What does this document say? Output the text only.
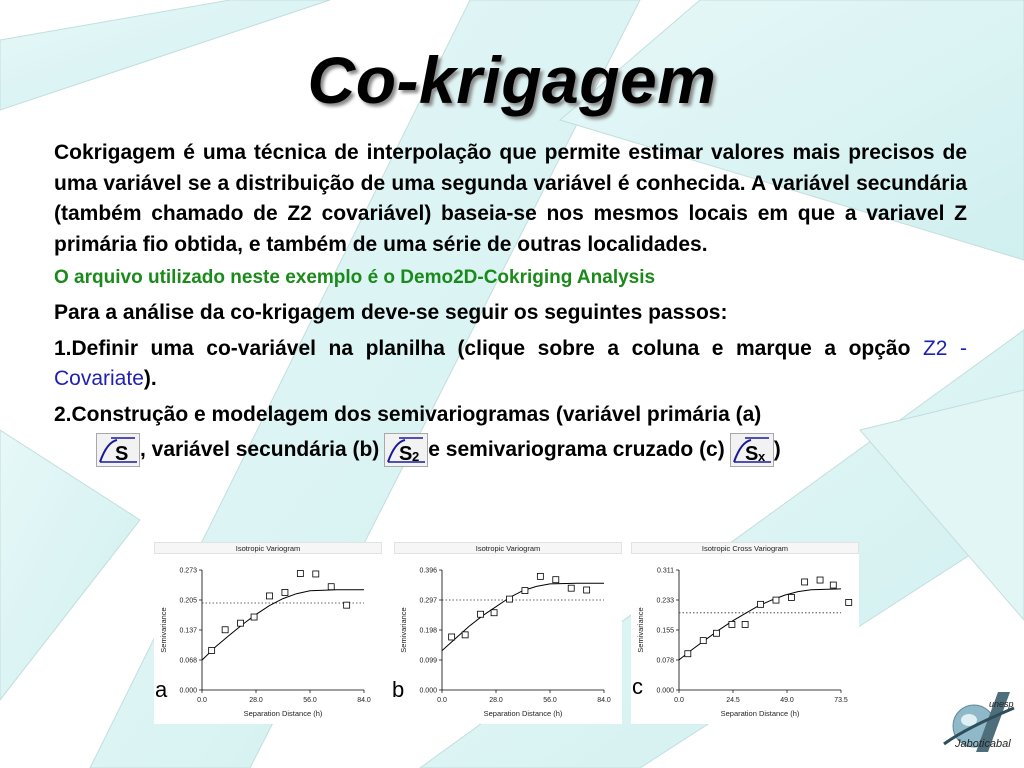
Co-krigagem

Cokrigagem é uma técnica de interpolação que permite estimar valores mais precisos de uma variável se a distribuição de uma segunda variável é conhecida. A variável secundária (também chamado de Z2 covariável) baseia-se nos mesmos locais em que a variavel Z primária fio obtida, e também de uma série de outras localidades.

O arquivo utilizado neste exemplo é o Demo2D-Cokriging Analysis

Para a análise da co-krigagem deve-se seguir os seguintes passos:

1.Definir uma co-variável na planilha (clique sobre a coluna e marque a opção Z2 - Covariate).

2.Construção e modelagem dos semivariogramas (variável primária (a)

S , variável secundária (b) S 2 e semivariograma cruzado (c) S x )
Isotropic Variogram
0.000
0.068
0.137
0.205
0.273
0.0	28.0	56.0	84.0
Separation Distance (h)
Semivariance
Isotropic Variogram
0.000
0.099
0.198
0.297
0.396
0.0	28.0	56.0	84.0
Separation Distance (h)
Semivariance
Isotropic Cross Variogram
0.000
0.078
0.155
0.233
0.311
0.0	24.5	49.0	73.5
Separation Distance (h)
Semivariance
a	b	c
unesp
Jaboticabal
